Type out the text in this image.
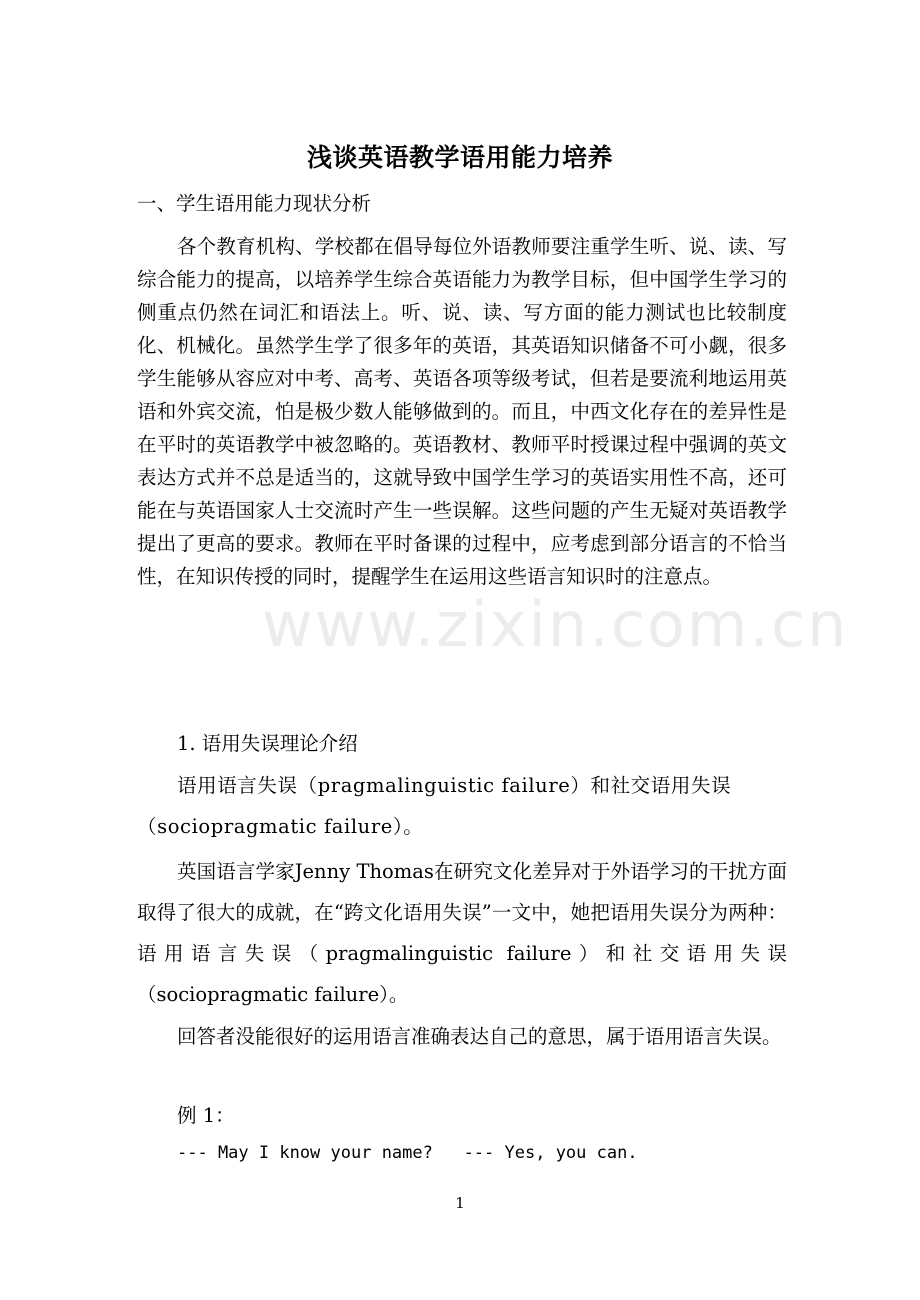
www.zixin.com.cn
浅谈英语教学语用能力培养
一、学生语用能力现状分析
各个教育机构、学校都在倡导每位外语教师要注重学生听、说、读、写综合能力的提高，以培养学生综合英语能力为教学目标，但中国学生学习的侧重点仍然在词汇和语法上。听、说、读、写方面的能力测试也比较制度化、机械化。虽然学生学了很多年的英语，其英语知识储备不可小觑，很多学生能够从容应对中考、高考、英语各项等级考试，但若是要流利地运用英语和外宾交流，怕是极少数人能够做到的。而且，中西文化存在的差异性是在平时的英语教学中被忽略的。英语教材、教师平时授课过程中强调的英文表达方式并不总是适当的，这就导致中国学生学习的英语实用性不高，还可能在与英语国家人士交流时产生一些误解。这些问题的产生无疑对英语教学提出了更高的要求。教师在平时备课的过程中，应考虑到部分语言的不恰当性，在知识传授的同时，提醒学生在运用这些语言知识时的注意点。
1. 语用失误理论介绍
语用语言失误（pragmalinguistic failure）和社交语用失误
（sociopragmatic failure）。
英国语言学家Jenny Thomas在研究文化差异对于外语学习的干扰方面取得了很大的成就，在“跨文化语用失误”一文中，她把语用失误分为两种：语用语言失误（pragmalinguistic failure）和社交语用失误（sociopragmatic failure）。
回答者没能很好的运用语言准确表达自己的意思，属于语用语言失误。
例 1：
--- May I know your name?   --- Yes, you can.
1
